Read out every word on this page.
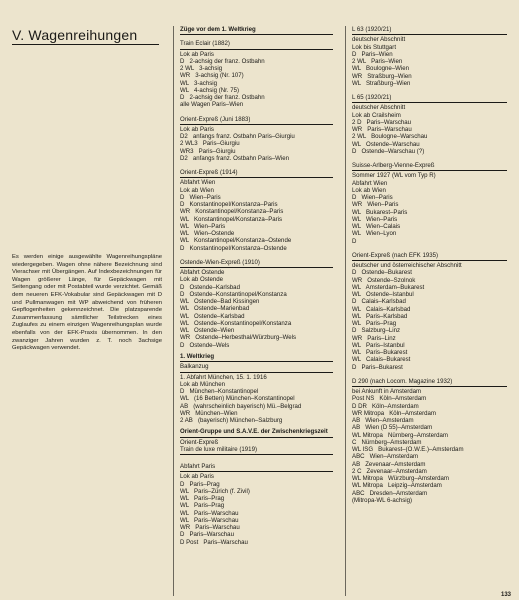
V. Wagenreihungen
Es werden einige ausgewählte Wagenreihungspläne wiedergegeben. Wagen ohne nähere Bezeichnung sind Vierachser mit Übergängen. Auf Indexbezeichnungen für Wagen größerer Länge, für Gepäckwagen mit Seitengang oder mit Postabteil wurde verzichtet. Gemäß dem neueren EFK-Vokabular sind Gepäckwagen mit D und Pullmanwagen mit WP abweichend von früheren Gepflogenheiten gekennzeichnet. Die platzsparende Zusammenfassung sämtlicher Teilstrecken eines Zuglaufes zu einem einzigen Wagenreihungsplan wurde ebenfalls von der EFK-Praxis übernommen. In den zwanziger Jahren wurden z. T. noch 3achsige Gepäckwagen verwendet.
Züge vor dem 1. Weltkrieg
Train Eclair (1882)
Lok ab Paris
D   2-achsig der franz. Ostbahn
2 WL   3-achsig
WR   3-achsig (Nr. 107)
WL   3-achsig
WL   4-achsig (Nr. 75)
D   2-achsig der franz. Ostbahn
alle Wagen Paris–Wien
Orient-Expreß (Juni 1883)
Lok ab Paris
D2   anfangs franz. Ostbahn Paris–Giurgiu
2 WL3   Paris–Giurgiu
WR3   Paris–Giurgiu
D2   anfangs franz. Ostbahn Paris–Wien
Orient-Expreß (1914)
Abfahrt Wien
Lok ab Wien
D   Wien–Paris
D   Konstantinopel/Konstanza–Paris
WR   Konstantinopel/Konstanza–Paris
WL   Konstantinopel/Konstanza–Paris
WL   Wien–Paris
WL   Wien–Ostende
WL   Konstantinopel/Konstanza–Ostende
D   Konstantinopel/Konstanza–Ostende
Ostende-Wien-Expreß (1910)
Abfahrt Ostende
Lok ab Ostende
D   Ostende–Karlsbad
D   Ostende–Konstantinopel/Konstanza
WL   Ostende–Bad Kissingen
WL   Ostende–Marienbad
WL   Ostende–Karlsbad
WL   Ostende–Konstantinopel/Konstanza
WL   Ostende–Wien
WR   Ostende–Herbesthal/Würzburg–Wels
D   Ostende–Wels
1. Weltkrieg
Balkanzug
1. Abfahrt München, 15. 1. 1916
Lok ab München
D   München–Konstantinopel
WL   (16 Betten) München–Konstantinopel
AB   (wahrscheinlich bayerisch) Mü.–Belgrad
WR   München–Wien
2 AB   (bayerisch) München–Salzburg
Orient-Gruppe und S.A.V.E. der Zwischenkriegszeit
Orient-Expreß
Train de luxe militaire (1919)
Abfahrt Paris
Lok ab Paris
D   Paris–Prag
WL   Paris–Zürich (f. Zivil)
WL   Paris–Prag
WL   Paris–Prag
WL   Paris–Warschau
WL   Paris–Warschau
WR   Paris–Warschau
D   Paris–Warschau
D Post   Paris–Warschau
L 63 (1920/21)
deutscher Abschnitt
Lok bis Stuttgart
D   Paris–Wien
2 WL   Paris–Wien
WL   Boulogne–Wien
WR   Straßburg–Wien
WL   Straßburg–Wien
L 65 (1920/21)
deutscher Abschnitt
Lok ab Crailsheim
2 D   Paris–Warschau
WR   Paris–Warschau
2 WL   Boulogne–Warschau
WL   Ostende–Warschau
D   Ostende–Warschau (?)
Suisse-Arlberg-Vienne-Expreß
Sommer 1927 (WL vom Typ R)
Abfahrt Wien
Lok ab Wien
D   Wien–Paris
WR   Wien–Paris
WL   Bukarest–Paris
WL   Wien–Paris
WL   Wien–Calais
WL   Wien–Lyon
D
Orient-Expreß (nach EFK 1935)
deutscher und österreichischer Abschnitt
D   Ostende–Bukarest
WR   Ostende–Szolnok
WL   Amsterdam–Bukarest
WL   Ostende–Istanbul
D   Calais–Karlsbad
WL   Calais–Karlsbad
WL   Paris–Karlsbad
WL   Paris–Prag
D   Salzburg–Linz
WR   Paris–Linz
WL   Paris–Istanbul
WL   Paris–Bukarest
WL   Calais–Bukarest
D   Paris–Bukarest
D 290 (nach Locom. Magazine 1932)
bei Ankunft in Amsterdam
Post NS   Köln–Amsterdam
D DR   Köln–Amsterdam
WR Mitropa   Köln–Amsterdam
AB   Wien–Amsterdam
AB   Wien (D 55)–Amsterdam
WL Mitropa   Nürnberg–Amsterdam
C   Nürnberg–Amsterdam
WL ISG   Bukarest–(O.W.E.)–Amsterdam
ABC   Wien–Amsterdam
AB   Zevenaar–Amsterdam
2 C   Zevenaar–Amsterdam
WL Mitropa   Würzburg–Amsterdam
WL Mitropa   Leipzig–Amsterdam
ABC   Dresden–Amsterdam
(Mitropa-WL 6-achsig)
133
